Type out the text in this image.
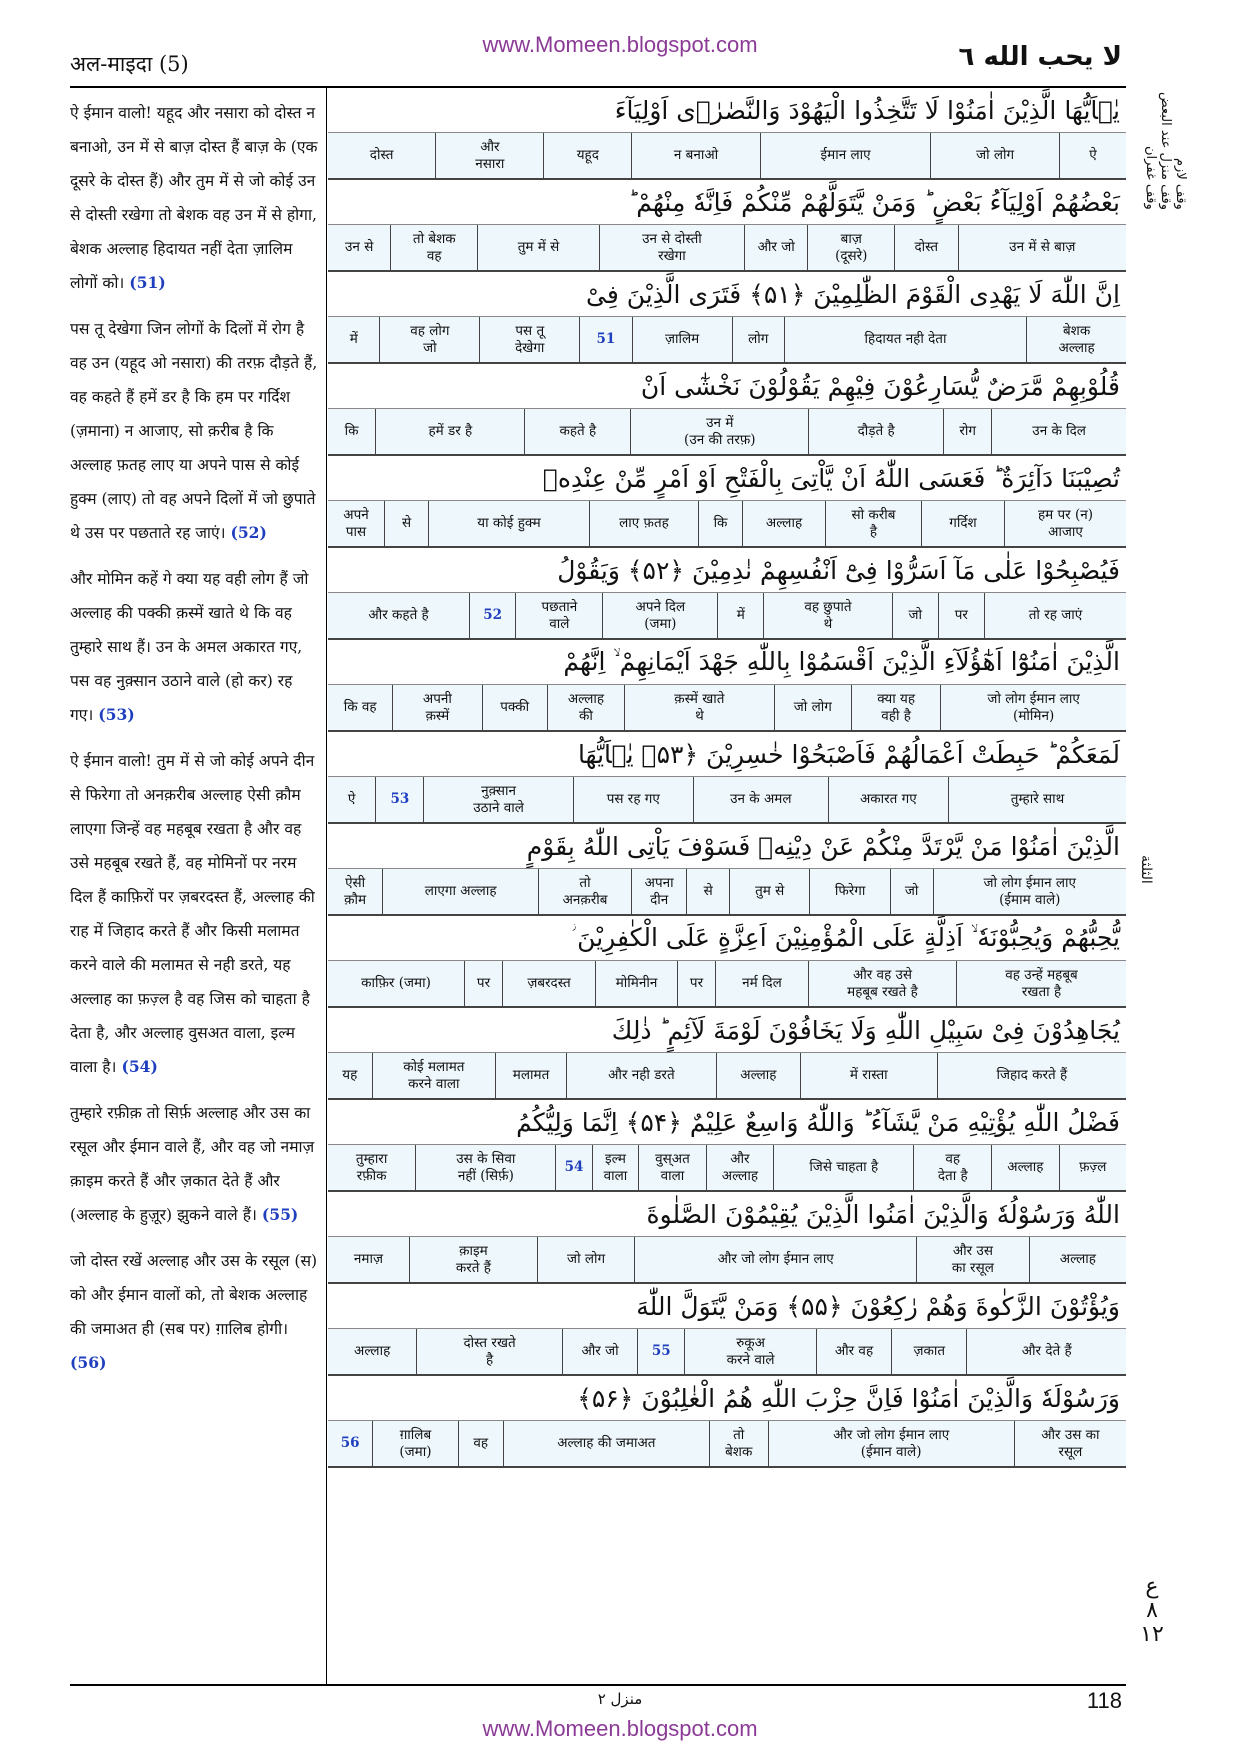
अल-माइदा (5)
www.Momeen.blogspot.com	لا يحب الله ٦
يٰۤاَيُّهَا الَّذِيْنَ اٰمَنُوْا لَا تَتَّخِذُوا الْيَهُوْدَ وَالنَّصٰرٰۤى اَوْلِيَآءَ
ऐ
जो लोग
ईमान लाए
न बनाओ
यहूद
और
नसारा
दोस्त
بَعْضُهُمْ اَوْلِيَآءُ بَعْضٍ ؕ وَمَنْ يَّتَوَلَّهُمْ مِّنْكُمْ فَاِنَّهٗ مِنْهُمْ ؕ
उन में से बाज़
दोस्त
बाज़
(दूसरे)
और जो
उन से दोस्ती
रखेगा
तुम में से
तो बेशक
वह
उन से
اِنَّ اللّٰهَ لَا يَهْدِى الْقَوْمَ الظّٰلِمِيْنَ ﴿۵۱﴾ فَتَرَى الَّذِيْنَ فِىْ
बेशक
अल्लाह
हिदायत नही देता
लोग
ज़ालिम
51
पस तू
देखेगा
वह लोग
जो
में
قُلُوْبِهِمْ مَّرَضٌ يُّسَارِعُوْنَ فِيْهِمْ يَقُوْلُوْنَ نَخْشٰٓى اَنْ
उन के दिल
रोग
दौड़ते है
उन में
(उन की तरफ़)
कहते है
हमें डर है
कि
تُصِيْبَنَا دَآئِرَةٌ ؕ فَعَسَى اللّٰهُ اَنْ يَّاْتِىَ بِالْفَتْحِ اَوْ اَمْرٍ مِّنْ عِنْدِهٖ
हम पर (न)
आजाए
गर्दिश
सो करीब
है
अल्लाह
कि
लाए फ़तह
या कोई हुक्म
से
अपने
पास
فَيُصْبِحُوْا عَلٰى مَآ اَسَرُّوْا فِىْٓ اَنْفُسِهِمْ نٰدِمِيْنَ ﴿۵۲﴾ وَيَقُوْلُ
तो रह जाएं
पर
जो
वह छुपाते
थे
में
अपने दिल
(जमा)
पछताने
वाले
52
और कहते है
الَّذِيْنَ اٰمَنُوْٓا اَهٰٓؤُلَآءِ الَّذِيْنَ اَقْسَمُوْا بِاللّٰهِ جَهْدَ اَيْمَانِهِمْ ۙ اِنَّهُمْ
जो लोग ईमान लाए
(मोमिन)
क्या यह
वही है
जो लोग
क़स्में खाते
थे
अल्लाह
की
पक्की
अपनी
क़स्में
कि वह
لَمَعَكُمْ ؕ حَبِطَتْ اَعْمَالُهُمْ فَاَصْبَحُوْا خٰسِرِيْنَ ﴿۵۳﴾ يٰۤاَيُّهَا
तुम्हारे साथ
अकारत गए
उन के अमल
पस रह गए
नुक़्सान
उठाने वाले
53
ऐ
الَّذِيْنَ اٰمَنُوْا مَنْ يَّرْتَدَّ مِنْكُمْ عَنْ دِيْنِهٖ فَسَوْفَ يَاْتِى اللّٰهُ بِقَوْمٍ
जो लोग ईमान लाए
(ईमाम वाले)
जो
फिरेगा
तुम से
से
अपना
दीन
तो
अनक़रीब
लाएगा अल्लाह
ऐसी
क़ौम
يُّحِبُّهُمْ وَيُحِبُّوْنَهٗ ۙ اَذِلَّةٍ عَلَى الْمُؤْمِنِيْنَ اَعِزَّةٍ عَلَى الْكٰفِرِيْنَ ؗ
वह उन्हें महबूब
रखता है
और वह उसे
महबूब रखते है
नर्म दिल
पर
मोमिनीन
ज़बरदस्त
पर
काफ़िर (जमा)
يُجَاهِدُوْنَ فِىْ سَبِيْلِ اللّٰهِ وَلَا يَخَافُوْنَ لَوْمَةَ لَآئِمٍ ؕ ذٰلِكَ
जिहाद करते हैं
में रास्ता
अल्लाह
और नही डरते
मलामत
कोई मलामत
करने वाला
यह
فَضْلُ اللّٰهِ يُؤْتِيْهِ مَنْ يَّشَآءُ ؕ وَاللّٰهُ وَاسِعٌ عَلِيْمٌ ﴿۵۴﴾ اِنَّمَا وَلِيُّكُمُ
फ़ज़्ल
अल्लाह
वह
देता है
जिसे चाहता है
और
अल्लाह
वुस्अत
वाला
इल्म
वाला
54
उस के सिवा
नहीं (सिर्फ़)
तुम्हारा
रफ़ीक
اللّٰهُ وَرَسُوْلُهٗ وَالَّذِيْنَ اٰمَنُوا الَّذِيْنَ يُقِيْمُوْنَ الصَّلٰوةَ
अल्लाह
और उस
का रसूल
और जो लोग ईमान लाए
जो लोग
क़ाइम
करते हैं
नमाज़
وَيُؤْتُوْنَ الزَّكٰوةَ وَهُمْ رٰكِعُوْنَ ﴿۵۵﴾ وَمَنْ يَّتَوَلَّ اللّٰهَ
और देते हैं
ज़कात
और वह
रुकूअ
करने वाले
55
और जो
दोस्त रखते
है
अल्लाह
وَرَسُوْلَهٗ وَالَّذِيْنَ اٰمَنُوْا فَاِنَّ حِزْبَ اللّٰهِ هُمُ الْغٰلِبُوْنَ ﴿۵۶﴾
और उस का
रसूल
और जो लोग ईमान लाए
(ईमान वाले)
तो
बेशक
अल्लाह की जमाअत
वह
ग़ालिब
(जमा)
56

ऐ ईमान वालो! यहूद और नसारा को दोस्त न बनाओ, उन में से बाज़ दोस्त हैं बाज़ के (एक दूसरे के दोस्त हैं) और तुम में से जो कोई उन से दोस्ती रखेगा तो बेशक वह उन में से होगा, बेशक अल्लाह हिदायत नहीं देता ज़ालिम लोगों को। (51)

पस तू देखेगा जिन लोगों के दिलों में रोग है वह उन (यहूद ओ नसारा) की तरफ़ दौड़ते हैं, वह कहते हैं हमें डर है कि हम पर गर्दिश (ज़माना) न आजाए, सो क़रीब है कि अल्लाह फ़तह लाए या अपने पास से कोई हुक्म (लाए) तो वह अपने दिलों में जो छुपाते थे उस पर पछताते रह जाएं। (52)

और मोमिन कहें गे क्या यह वही लोग हैं जो अल्लाह की पक्की क़स्में खाते थे कि वह तुम्हारे साथ हैं। उन के अमल अकारत गए, पस वह नुक़्सान उठाने वाले (हो कर) रह गए। (53)

ऐ ईमान वालो! तुम में से जो कोई अपने दीन से फिरेगा तो अनक़रीब अल्लाह ऐसी क़ौम लाएगा जिन्हें वह महबूब रखता है और वह उसे महबूब रखते हैं, वह मोमिनों पर नरम दिल हैं काफ़िरों पर ज़बरदस्त हैं, अल्लाह की राह में जिहाद करते हैं और किसी मलामत करने वाले की मलामत से नही डरते, यह अल्लाह का फ़ज़्ल है वह जिस को चाहता है देता है, और अल्लाह वुसअत वाला, इल्म वाला है। (54)

तुम्हारे रफ़ीक़ तो सिर्फ़ अल्लाह और उस का रसूल और ईमान वाले हैं, और वह जो नमाज़ क़ाइम करते हैं और ज़कात देते हैं और (अल्लाह के हुज़ूर) झुकने वाले हैं। (55)

जो दोस्त रखें अल्लाह और उस के रसूल (स) को और ईमान वालों को, तो बेशक अल्लाह की जमाअत ही (सब पर) ग़ालिब होगी। (56)

وقف لازم
وقف منزل عند البعض
وقف غفران
الثلثة
ع
٨
١٢
منزل ٢	118
www.Momeen.blogspot.com
